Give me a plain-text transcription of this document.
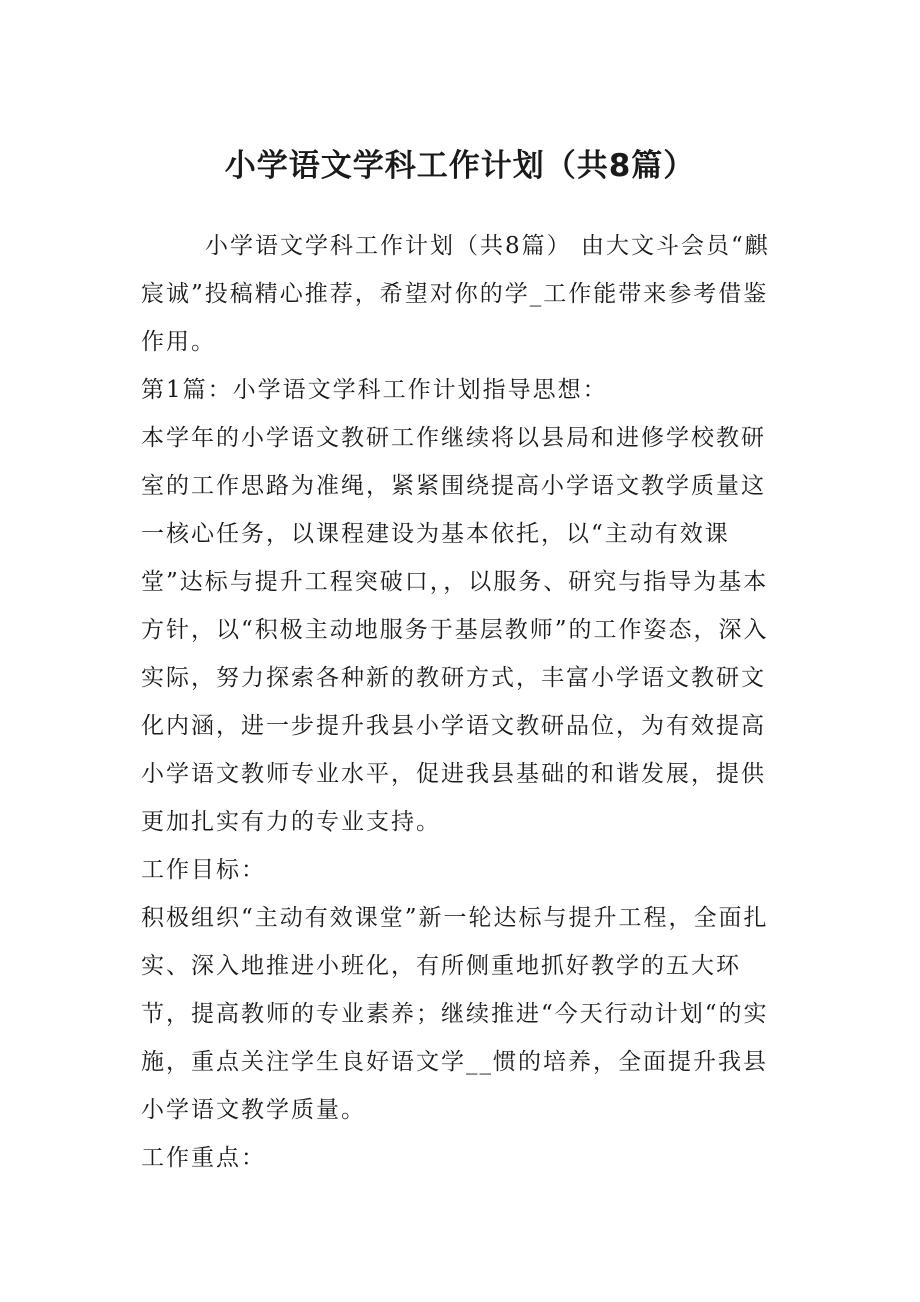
小学语文学科工作计划（共8篇）

小学语文学科工作计划（共8篇） 由大文斗会员“麒宸诚”投稿精心推荐，希望对你的学_工作能带来参考借鉴作用。

第1篇：小学语文学科工作计划指导思想：

本学年的小学语文教研工作继续将以县局和进修学校教研室的工作思路为准绳，紧紧围绕提高小学语文教学质量这一核心任务，以课程建设为基本依托，以“主动有效课堂”达标与提升工程突破口，，以服务、研究与指导为基本方针，以“积极主动地服务于基层教师”的工作姿态，深入实际，努力探索各种新的教研方式，丰富小学语文教研文化内涵，进一步提升我县小学语文教研品位，为有效提高小学语文教师专业水平，促进我县基础的和谐发展，提供更加扎实有力的专业支持。

工作目标：

积极组织“主动有效课堂”新一轮达标与提升工程，全面扎实、深入地推进小班化，有所侧重地抓好教学的五大环节，提高教师的专业素养；继续推进“今天行动计划“的实施，重点关注学生良好语文学__惯的培养，全面提升我县小学语文教学质量。

工作重点：
